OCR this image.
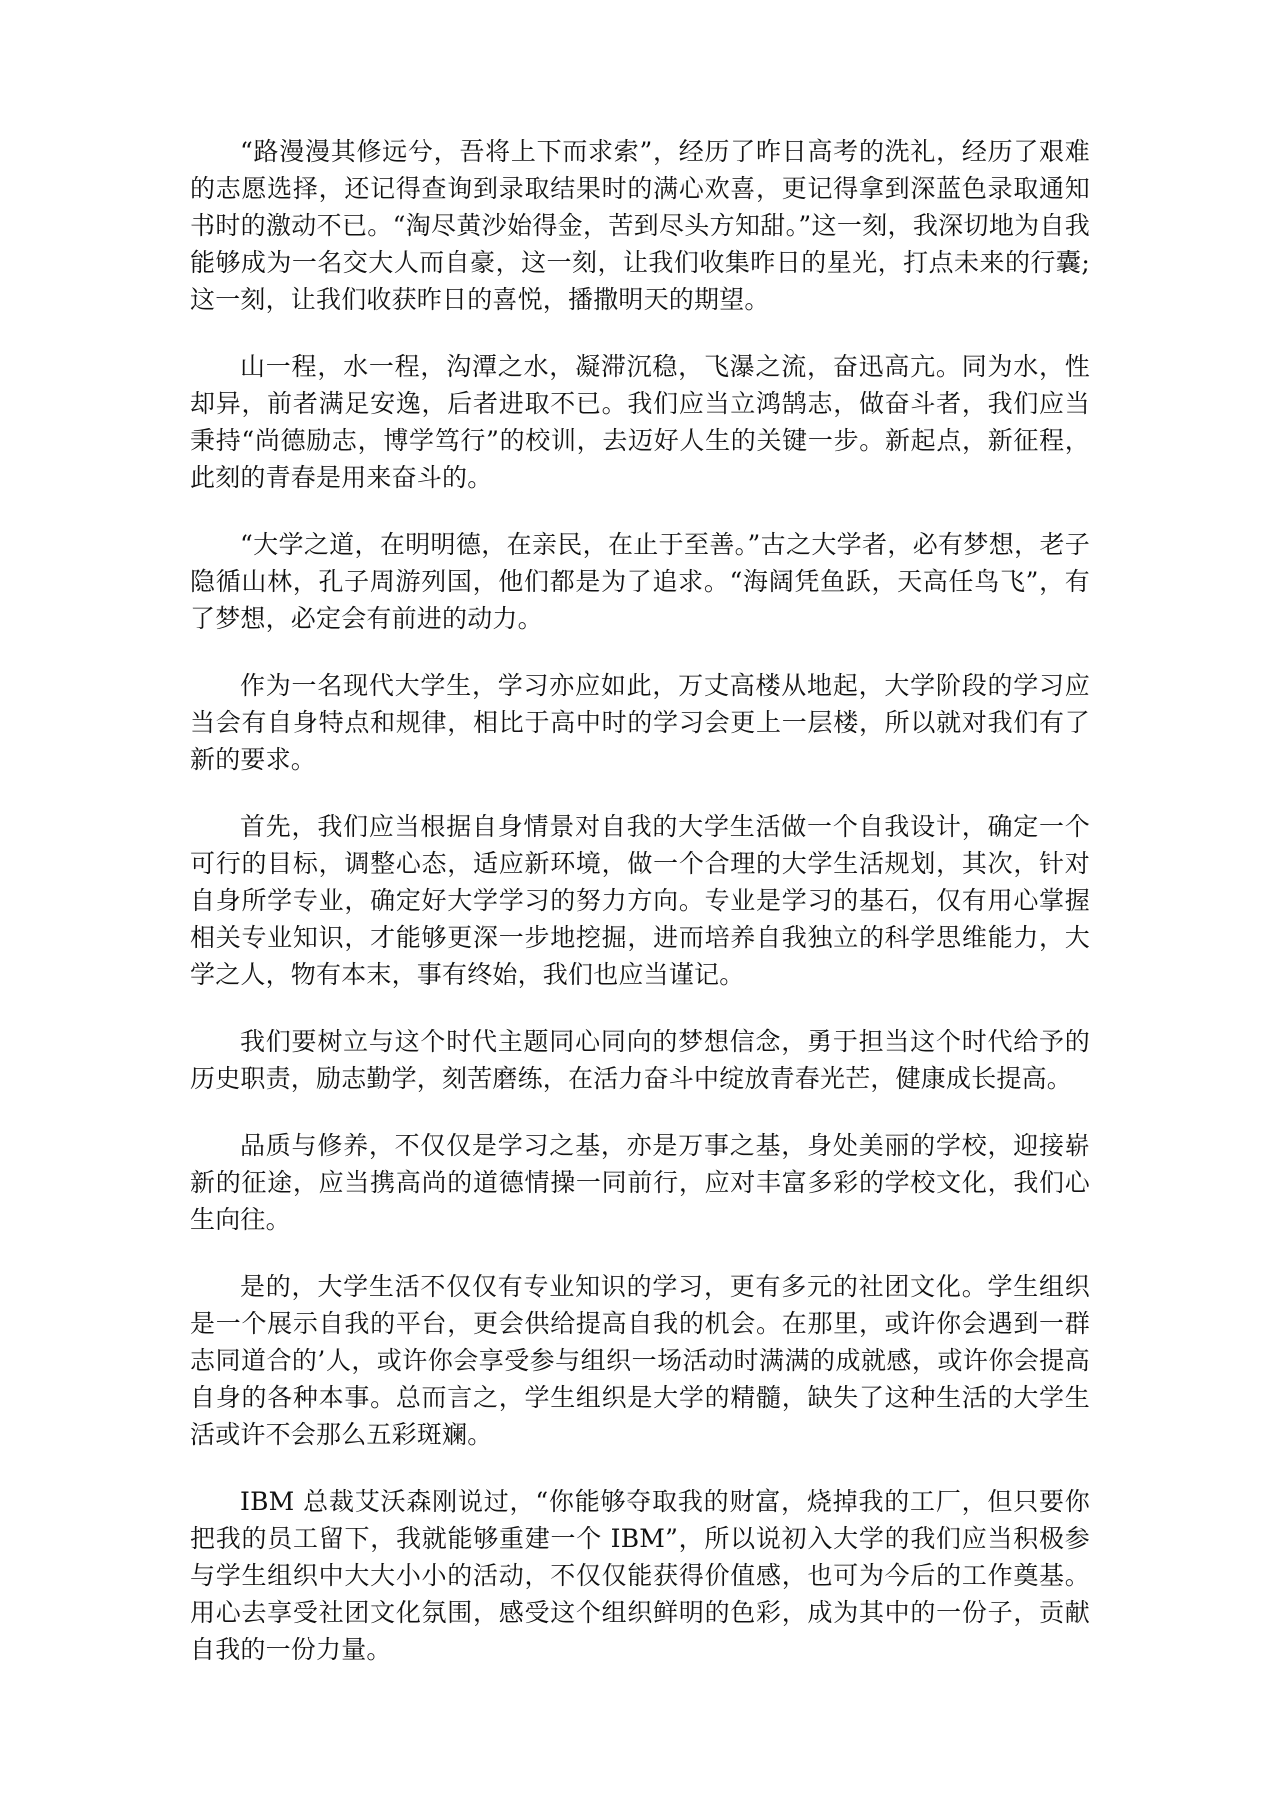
“路漫漫其修远兮，吾将上下而求索”，经历了昨日高考的洗礼，经历了艰难的志愿选择，还记得查询到录取结果时的满心欢喜，更记得拿到深蓝色录取通知书时的激动不已。“淘尽黄沙始得金，苦到尽头方知甜。”这一刻，我深切地为自我能够成为一名交大人而自豪，这一刻，让我们收集昨日的星光，打点未来的行囊;这一刻，让我们收获昨日的喜悦，播撒明天的期望。

山一程，水一程，沟潭之水，凝滞沉稳，飞瀑之流，奋迅高亢。同为水，性却异，前者满足安逸，后者进取不已。我们应当立鸿鹄志，做奋斗者，我们应当秉持“尚德励志，博学笃行”的校训，去迈好人生的关键一步。新起点，新征程，此刻的青春是用来奋斗的。

“大学之道，在明明德，在亲民，在止于至善。”古之大学者，必有梦想，老子隐循山林，孔子周游列国，他们都是为了追求。“海阔凭鱼跃，天高任鸟飞”，有了梦想，必定会有前进的动力。

作为一名现代大学生，学习亦应如此，万丈高楼从地起，大学阶段的学习应当会有自身特点和规律，相比于高中时的学习会更上一层楼，所以就对我们有了新的要求。

首先，我们应当根据自身情景对自我的大学生活做一个自我设计，确定一个可行的目标，调整心态，适应新环境，做一个合理的大学生活规划，其次，针对自身所学专业，确定好大学学习的努力方向。专业是学习的基石，仅有用心掌握相关专业知识，才能够更深一步地挖掘，进而培养自我独立的科学思维能力，大学之人，物有本末，事有终始，我们也应当谨记。

我们要树立与这个时代主题同心同向的梦想信念，勇于担当这个时代给予的历史职责，励志勤学，刻苦磨练，在活力奋斗中绽放青春光芒，健康成长提高。

品质与修养，不仅仅是学习之基，亦是万事之基，身处美丽的学校，迎接崭新的征途，应当携高尚的道德情操一同前行，应对丰富多彩的学校文化，我们心生向往。

是的，大学生活不仅仅有专业知识的学习，更有多元的社团文化。学生组织是一个展示自我的平台，更会供给提高自我的机会。在那里，或许你会遇到一群志同道合的’人，或许你会享受参与组织一场活动时满满的成就感，或许你会提高自身的各种本事。总而言之，学生组织是大学的精髓，缺失了这种生活的大学生活或许不会那么五彩斑斓。

IBM 总裁艾沃森刚说过，“你能够夺取我的财富，烧掉我的工厂，但只要你把我的员工留下，我就能够重建一个 IBM”，所以说初入大学的我们应当积极参与学生组织中大大小小的活动，不仅仅能获得价值感，也可为今后的工作奠基。用心去享受社团文化氛围，感受这个组织鲜明的色彩，成为其中的一份子，贡献自我的一份力量。
